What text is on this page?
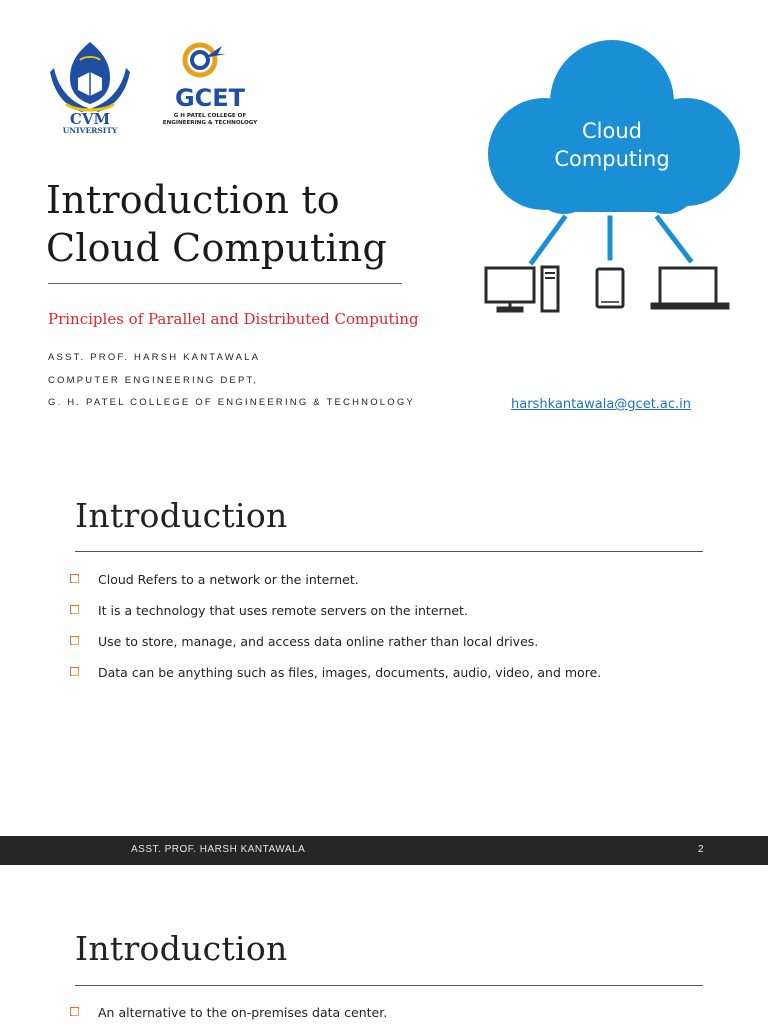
CVM
UNIVERSITY
GCET
G H PATEL COLLEGE OF
ENGINEERING & TECHNOLOGY
Introduction to
Cloud Computing
Principles of Parallel and Distributed Computing
ASST. PROF. HARSH KANTAWALA
COMPUTER ENGINEERING DEPT,
G. H. PATEL COLLEGE OF ENGINEERING & TECHNOLOGY	harshkantawala@gcet.ac.in
Cloud
Computing
Introduction
Cloud Refers to a network or the internet.
It is a technology that uses remote servers on the internet.
Use to store, manage, and access data online rather than local drives.
Data can be anything such as files, images, documents, audio, video, and more.
ASST. PROF. HARSH KANTAWALA	2
Introduction
An alternative to the on-premises data center.
